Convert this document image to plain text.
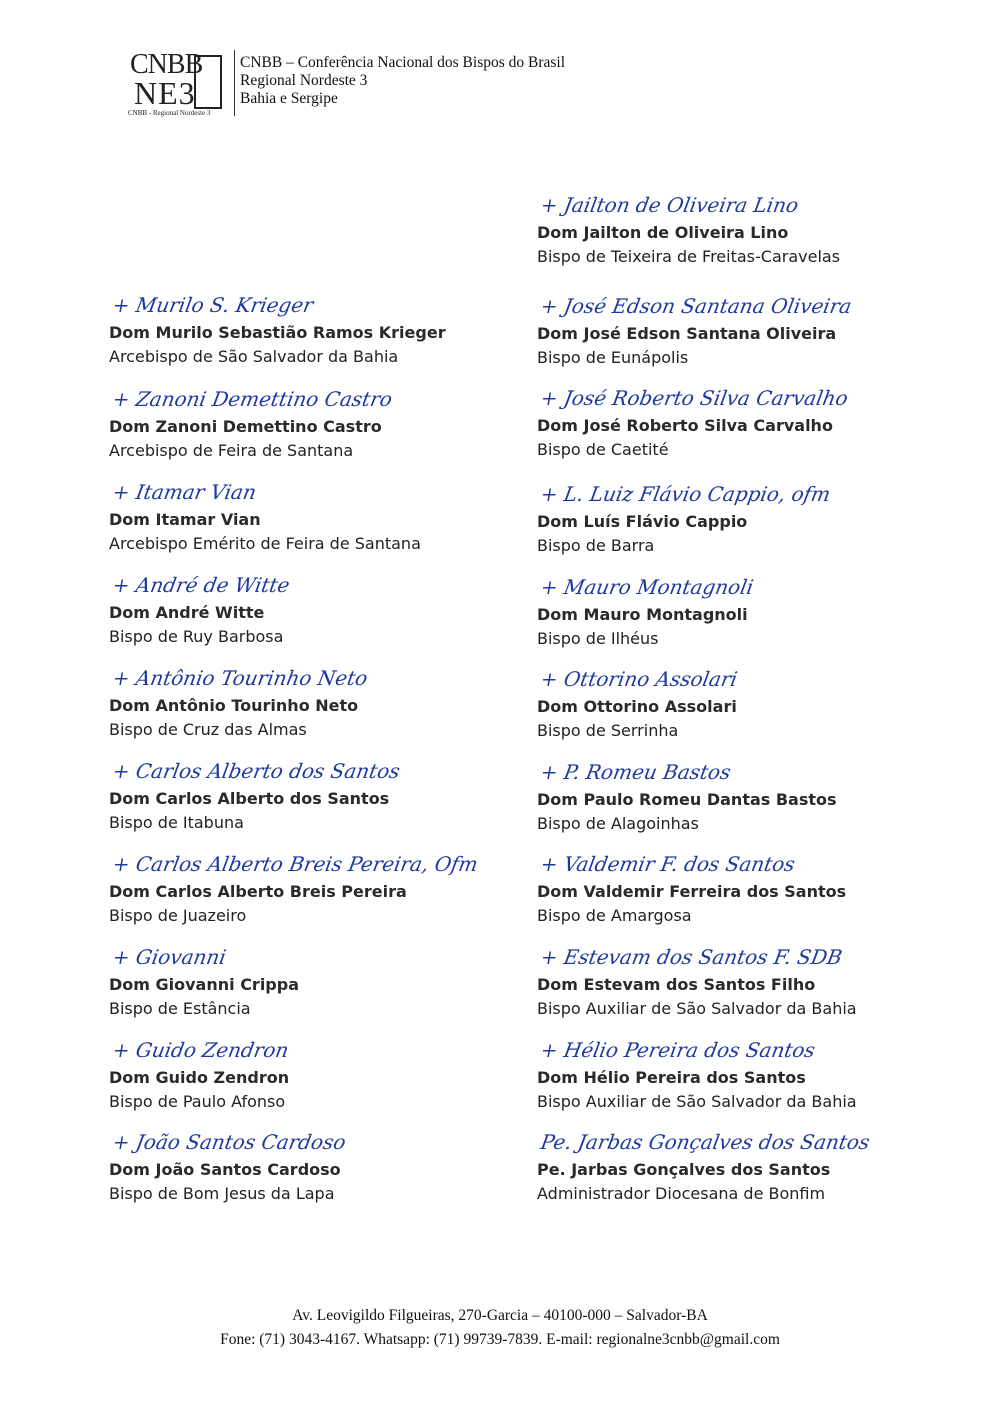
CNBB
NE3
CNBB - Regional Nordeste 3
CNBB – Conferência Nacional dos Bispos do Brasil
Regional Nordeste 3
Bahia e Sergipe
+ Murilo S. Krieger
Dom Murilo Sebastião Ramos Krieger
Arcebispo de São Salvador da Bahia
+ Zanoni Demettino Castro
Dom Zanoni Demettino Castro
Arcebispo de Feira de Santana
+ Itamar Vian
Dom Itamar Vian
Arcebispo Emérito de Feira de Santana
+ André de Witte
Dom André Witte
Bispo de Ruy Barbosa
+ Antônio Tourinho Neto
Dom Antônio Tourinho Neto
Bispo de Cruz das Almas
+ Carlos Alberto dos Santos
Dom Carlos Alberto dos Santos
Bispo de Itabuna
+ Carlos Alberto Breis Pereira, Ofm
Dom Carlos Alberto Breis Pereira
Bispo de Juazeiro
+ Giovanni
Dom Giovanni Crippa
Bispo de Estância
+ Guido Zendron
Dom Guido Zendron
Bispo de Paulo Afonso
+ João Santos Cardoso
Dom João Santos Cardoso
Bispo de Bom Jesus da Lapa
+ Jailton de Oliveira Lino
Dom Jailton de Oliveira Lino
Bispo de Teixeira de Freitas-Caravelas
+ José Edson Santana Oliveira
Dom José Edson Santana Oliveira
Bispo de Eunápolis
+ José Roberto Silva Carvalho
Dom José Roberto Silva Carvalho
Bispo de Caetité
+ L. Luiz Flávio Cappio, ofm
Dom Luís Flávio Cappio
Bispo de Barra
+ Mauro Montagnoli
Dom Mauro Montagnoli
Bispo de Ilhéus
+ Ottorino Assolari
Dom Ottorino Assolari
Bispo de Serrinha
+ P. Romeu Bastos
Dom Paulo Romeu Dantas Bastos
Bispo de Alagoinhas
+ Valdemir F. dos Santos
Dom Valdemir Ferreira dos Santos
Bispo de Amargosa
+ Estevam dos Santos F. SDB
Dom Estevam dos Santos Filho
Bispo Auxiliar de São Salvador da Bahia
+ Hélio Pereira dos Santos
Dom Hélio Pereira dos Santos
Bispo Auxiliar de São Salvador da Bahia
Pe. Jarbas Gonçalves dos Santos
Pe. Jarbas Gonçalves dos Santos
Administrador Diocesana de Bonfim
Av. Leovigildo Filgueiras, 270-Garcia – 40100-000 – Salvador-BA
Fone: (71) 3043-4167. Whatsapp: (71) 99739-7839. E-mail: regionalne3cnbb@gmail.com
